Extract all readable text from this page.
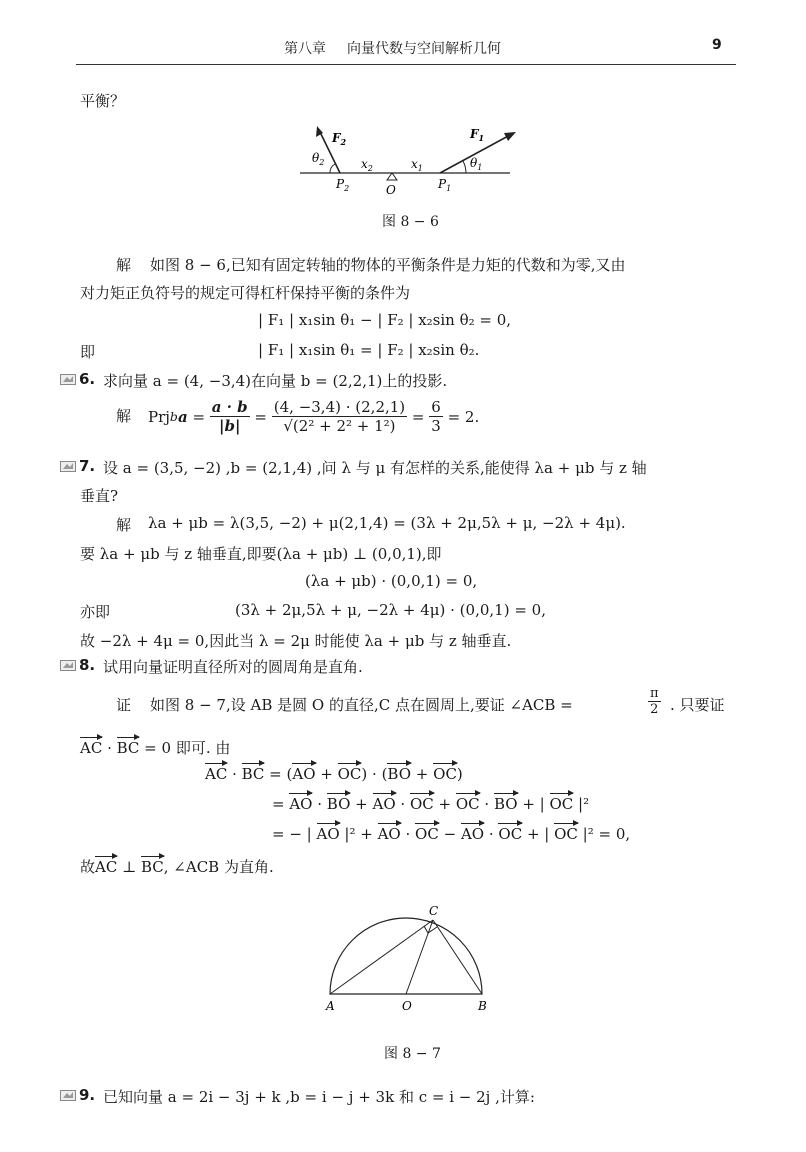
第八章 向量代数与空间解析几何	9
平衡？
$F_2$
$F_1$
$\theta_2$	$\theta_1$
$x_2$	$x_1$
$P_2$	O	$P_1$
图 8 − 6
解 如图 8 − 6,已知有固定转轴的物体的平衡条件是力矩的代数和为零,又由
对力矩正负符号的规定可得杠杆保持平衡的条件为
| F₁ | x₁sin θ₁ − | F₂ | x₂sin θ₂ = 0,
即	| F₁ | x₁sin θ₁ = | F₂ | x₂sin θ₂.
6. 求向量 a = (4, −3,4)在向量 b = (2,2,1)上的投影.
解 Prj b $a = \frac{a \cdot b}{|b|} = \frac{(4, -3,4) \cdot (2,2,1)}{\text{√(2² + 2² + 1²)}} = \frac{6}{3} = 2$.
7. 设 a = (3,5, −2) ,b = (2,1,4) ,问 λ 与 μ 有怎样的关系,能使得 λa + μb 与 z 轴
垂直?
解 λa + μb = λ(3,5, −2) + μ(2,1,4) = (3λ + 2μ,5λ + μ, −2λ + 4μ).
要 λa + μb 与 z 轴垂直,即要(λa + μb) ⊥ (0,0,1),即
(λa + μb) · (0,0,1) = 0,
亦即	(3λ + 2μ,5λ + μ, −2λ + 4μ) · (0,0,1) = 0,
故 −2λ + 4μ = 0,因此当 λ = 2μ 时能使 λa + μb 与 z 轴垂直.
8. 试用向量证明直径所对的圆周角是直角.
证 如图 8 − 7,设 AB 是圆 O 的直径,C 点在圆周上,要证 ∠ACB =	$\frac{\pi}{2}$ . 只要证
AC · BC = 0 即可. 由
AC · BC = (AO + OC) · (BO + OC)
= AO · BO + AO · OC + OC · BO + | OC |²
= − | AO |² + AO · OC − AO · OC + | OC |² = 0,
故AC ⊥ BC, ∠ACB 为直角.
A	O	B
C
图 8 − 7
9. 已知向量 a = 2i − 3j + k ,b = i − j + 3k 和 c = i − 2j ,计算:
